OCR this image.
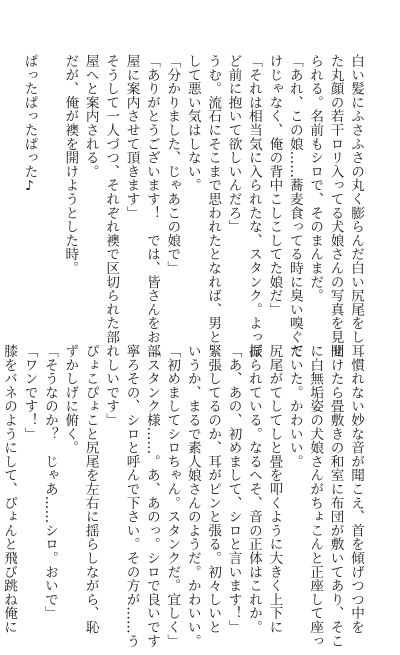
白い髪にふさふさの丸く膨らんだ白い尻尾をし
た丸顔の若干ロリ入ってる犬娘さんの写真を見せ
られる。名前もシロで、そのまんまだ。
「あれ、この娘……蕎麦食ってる時に臭い嗅ぐだ
けじゃなく、俺の背中こしこしてた娘だ」
「それは相当気に入られたな、スタンク。よっぽ
ど前に抱いて欲しいんだろ」
うむ。流石にそこまで思われたとなれば、男と
して悪い気はしない。
「分かりました、じゃあこの娘で」
「ありがとうございます！　では、皆さんをお部
屋に案内させて頂きます」
そうして一人づつ、それぞれ襖で区切られた部
屋へと案内される。
だが、俺が襖を開けようとした時。
ぱったぱったぱった♪
耳慣れない妙な音が聞こえ、首を傾げつつ中を
開けたら畳敷きの和室に布団が敷いてあり、そこ
に白無垢姿の犬娘さんがちょこんと正座して座っ
ていた。かわいい。
尻尾がてしてしと畳を叩くように大きく上下に
振られている。なるへそ、音の正体はこれか。
「あ、あの、初めまして、シロと言います！」
緊張してるのか、耳がピンと張る。初々しいと
いうか、まるで素人娘さんのようだ。かわいい。
「初めましてシロちゃん。スタンクだ。宜しく」
「スタンク様……。あ、あのっ。シロで良いです
寧ろその、シロと呼んで下さい。その方が……う
れしいです」
ぴょこぴょこと尻尾を左右に揺らしながら、恥
ずかしげに俯く。
「そうなのか？　じゃあ……シロ。おいで」
「ワンです！」
膝をバネのようにして、ぴょんと飛び跳ね俺に
